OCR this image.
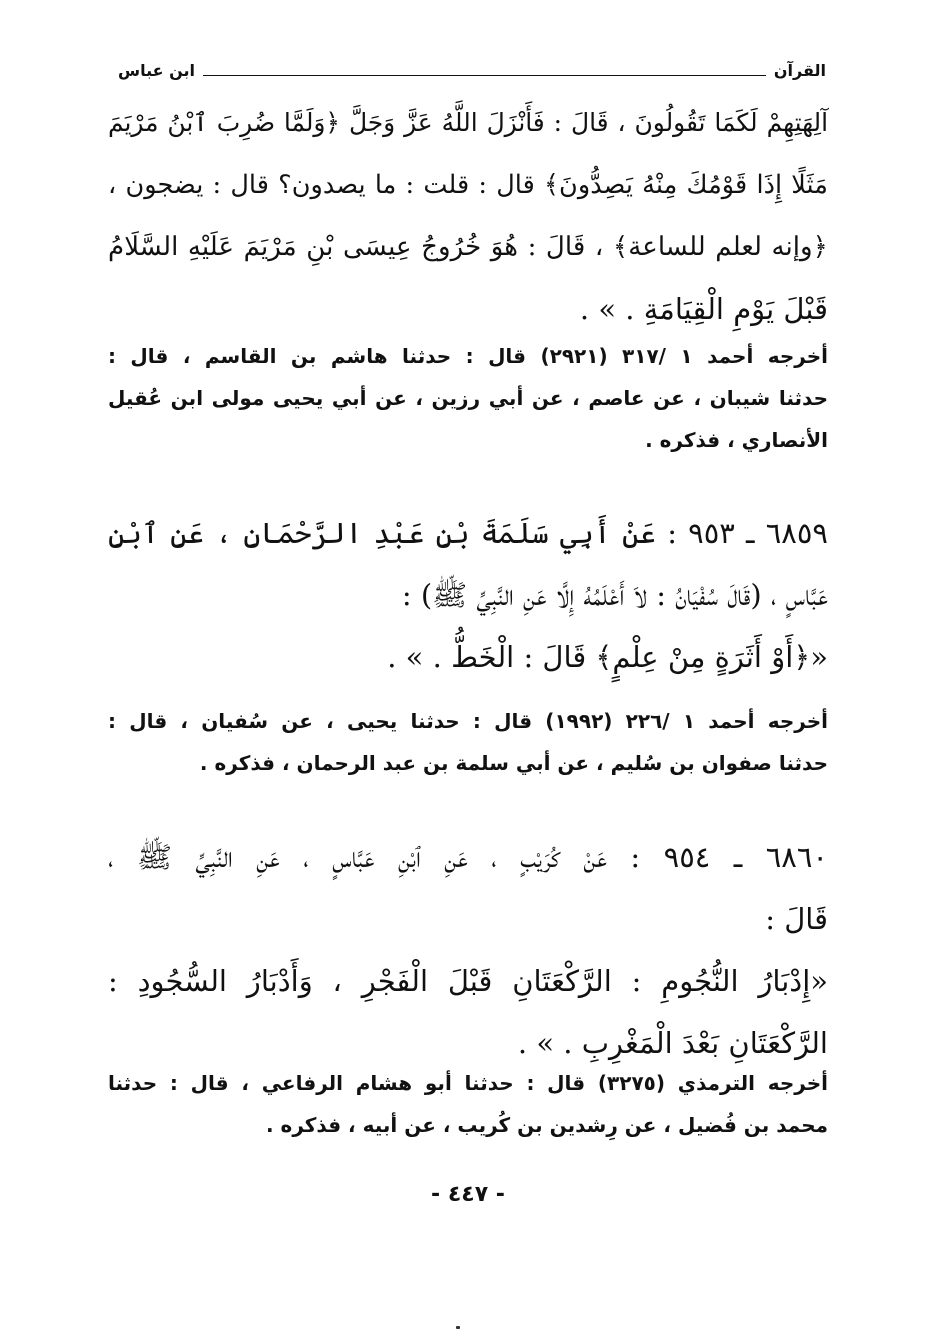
القرآن
ابن عباس
آلِهَتِهِمْ لَكَمَا تَقُولُونَ ، قَالَ : فَأَنْزَلَ اللَّهُ عَزَّ وَجَلَّ ﴿وَلَمَّا ضُرِبَ ٱبْنُ مَرْيَمَ
مَثَلًا إِذَا قَوْمُكَ مِنْهُ يَصِدُّونَ﴾ قال : قلت : ما يصدون؟ قال : يضجون ،
﴿وإنه لعلم للساعة﴾ ، قَالَ : هُوَ خُرُوجُ عِيسَى بْنِ مَرْيَمَ عَلَيْهِ السَّلَامُ
قَبْلَ يَوْمِ الْقِيَامَةِ . » .
أخرجه أحمد ١ /٣١٧ (٢٩٢١) قال : حدثنا هاشم بن القاسم ، قال :
حدثنا شيبان ، عن عاصم ، عن أبي رزين ، عن أبي يحيى مولى ابن عُقيل
الأنصاري ، فذكره .
٦٨٥٩ ـ ٩٥٣ : عَنْ أَبِي سَلَمَةَ بْنِ عَبْدِ الرَّحْمَانِ ، عَنِ ٱبْنِ
عَبَّاسٍ ، (قَالَ سُفْيَانُ : لاَ أَعْلَمُهُ إِلَّا عَنِ النَّبِيِّ ﷺ) :
«﴿أَوْ أَثَرَةٍ مِنْ عِلْمٍ﴾ قَالَ : الْخَطُّ . » .
أخرجه أحمد ١ /٢٢٦ (١٩٩٢) قال : حدثنا يحيى ، عن سُفيان ، قال :
حدثنا صفوان بن سُليم ، عن أبي سلمة بن عبد الرحمان ، فذكره .
٦٨٦٠ ـ ٩٥٤ : عَنْ كُرَيْبٍ ، عَنِ ٱبْنِ عَبَّاسٍ ، عَنِ النَّبِيِّ ﷺ ،
قَالَ :
«إِدْبَارُ النُّجُومِ : الرَّكْعَتَانِ قَبْلَ الْفَجْرِ ، وَأَدْبَارُ السُّجُودِ :
الرَّكْعَتَانِ بَعْدَ الْمَغْرِبِ . » .
أخرجه الترمذي (٣٢٧٥) قال : حدثنا أبو هشام الرفاعي ، قال : حدثنا
محمد بن فُضيل ، عن رِشدين بن كُريب ، عن أبيه ، فذكره .
- ٤٤٧ -
